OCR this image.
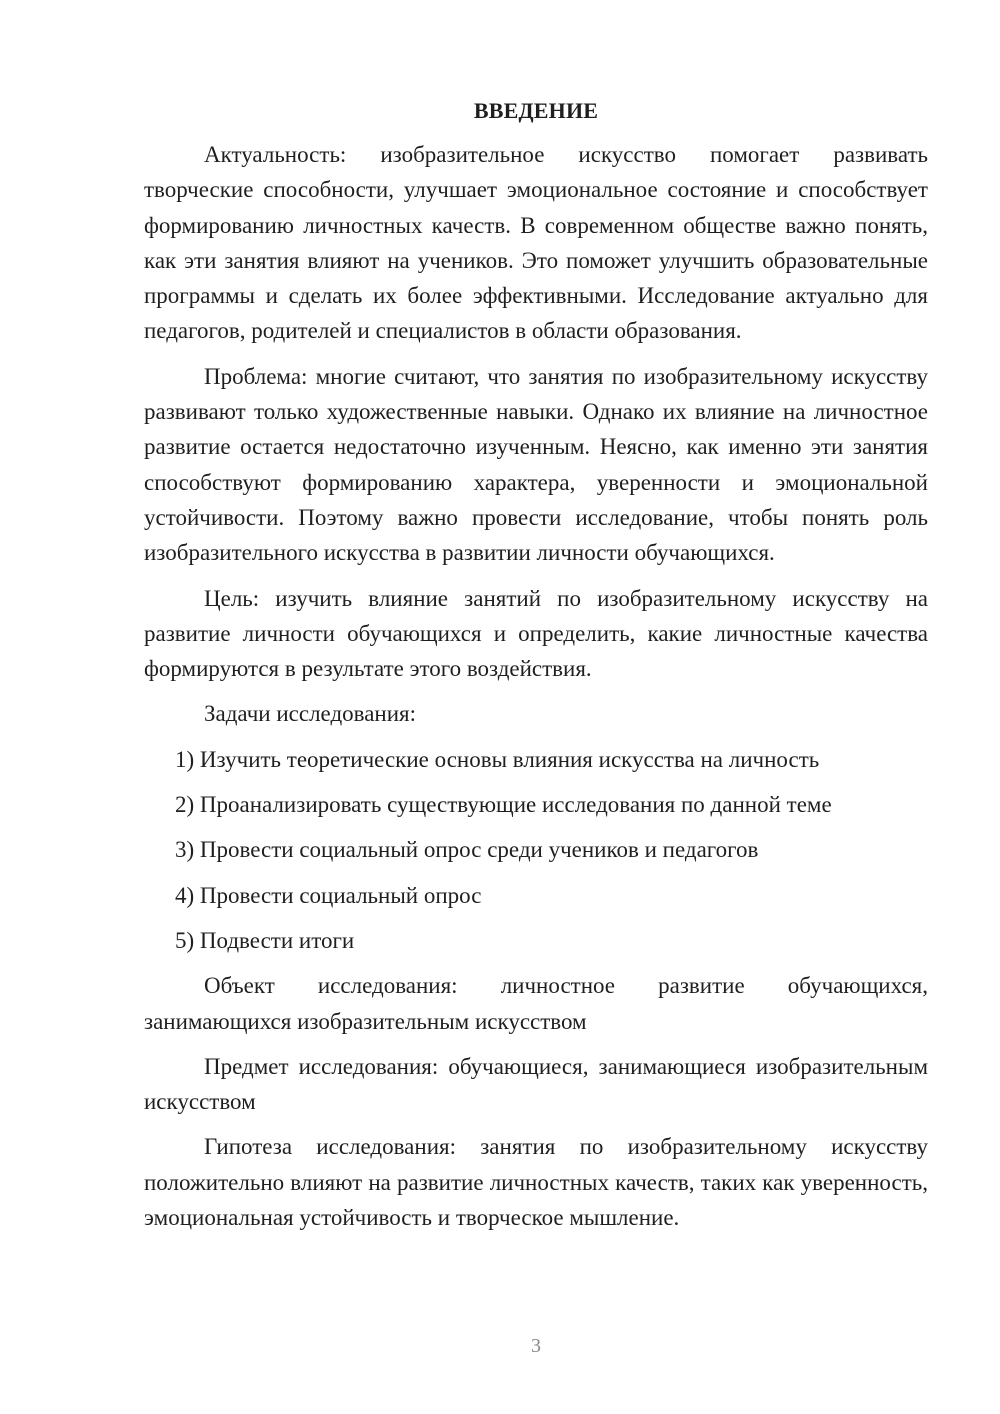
ВВЕДЕНИЕ

Актуальность: изобразительное искусство помогает развивать творческие способности, улучшает эмоциональное состояние и способствует формированию личностных качеств. В современном обществе важно понять, как эти занятия влияют на учеников. Это поможет улучшить образовательные программы и сделать их более эффективными. Исследование актуально для педагогов, родителей и специалистов в области образования.

Проблема: многие считают, что занятия по изобразительному искусству развивают только художественные навыки. Однако их влияние на личностное развитие остается недостаточно изученным. Неясно, как именно эти занятия способствуют формированию характера, уверенности и эмоциональной устойчивости. Поэтому важно провести исследование, чтобы понять роль изобразительного искусства в развитии личности обучающихся.

Цель: изучить влияние занятий по изобразительному искусству на развитие личности обучающихся и определить, какие личностные качества формируются в результате этого воздействия.

Задачи исследования:

1) Изучить теоретические основы влияния искусства на личность
2) Проанализировать существующие исследования по данной теме
3) Провести социальный опрос среди учеников и педагогов
4) Провести социальный опрос
5) Подвести итоги

Объект исследования: личностное развитие обучающихся, занимающихся изобразительным искусством

Предмет исследования: обучающиеся, занимающиеся изобразительным искусством

Гипотеза исследования: занятия по изобразительному искусству положительно влияют на развитие личностных качеств, таких как уверенность, эмоциональная устойчивость и творческое мышление.

3
